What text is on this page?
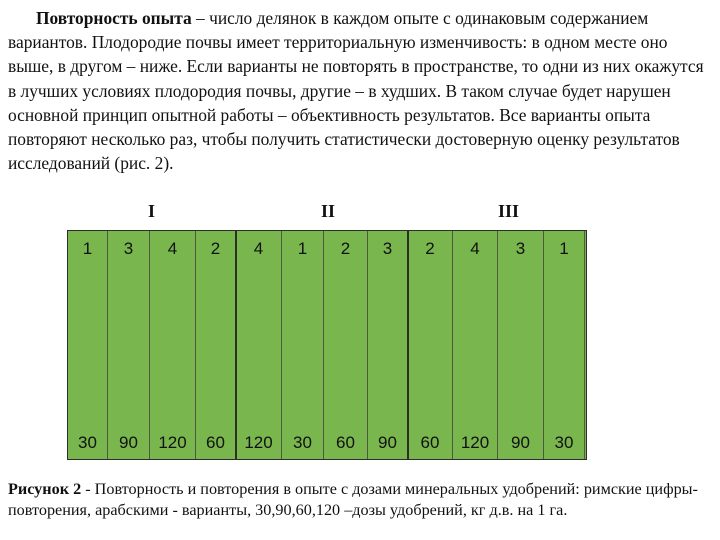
Повторность опыта – число делянок в каждом опыте с одинаковым содержанием вариантов. Плодородие почвы имеет территориальную изменчивость: в одном месте оно выше, в другом – ниже. Если варианты не повторять в пространстве, то одни из них окажутся в лучших условиях плодородия почвы, другие – в худших. В таком случае будет нарушен основной принцип опытной работы – объективность результатов. Все варианты опыта повторяют несколько раз, чтобы получить статистически достоверную оценку результатов исследований (рис. 2).

I	II	III
1
30
3
90
4
120
2
60
4
120
1
30
2
60
3
90
2
60
4
120
3
90
1
30

Рисунок 2 - Повторность и повторения в опыте с дозами минеральных удобрений: римские цифры-повторения, арабскими - варианты, 30,90,60,120 –дозы удобрений, кг д.в. на 1 га.
